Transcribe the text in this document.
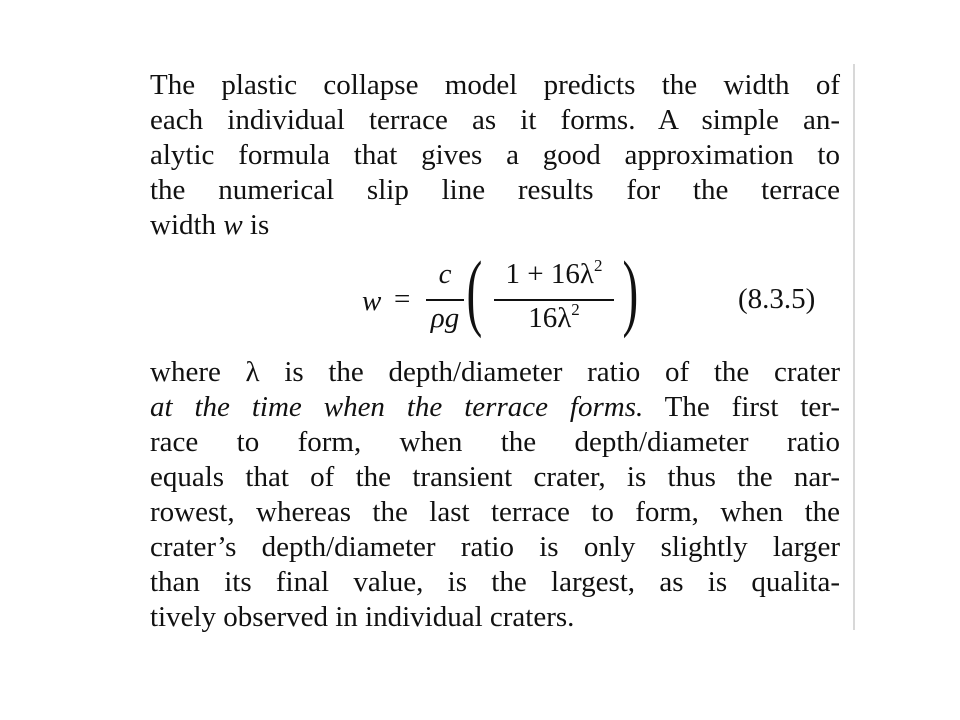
The plastic collapse model predicts the width of
each individual terrace as it forms. A simple an-
alytic formula that gives a good approximation to
the numerical slip line results for the terrace
width w is
w =
c
ρg ( $1 + 16\lambda^2$
$16\lambda^2$ )	(8.3.5)
where λ is the depth/diameter ratio of the crater
at the time when the terrace forms. The first ter-
race to form, when the depth/diameter ratio
equals that of the transient crater, is thus the nar-
rowest, whereas the last terrace to form, when the
crater’s depth/diameter ratio is only slightly larger
than its final value, is the largest, as is qualita-
tively observed in individual craters.
